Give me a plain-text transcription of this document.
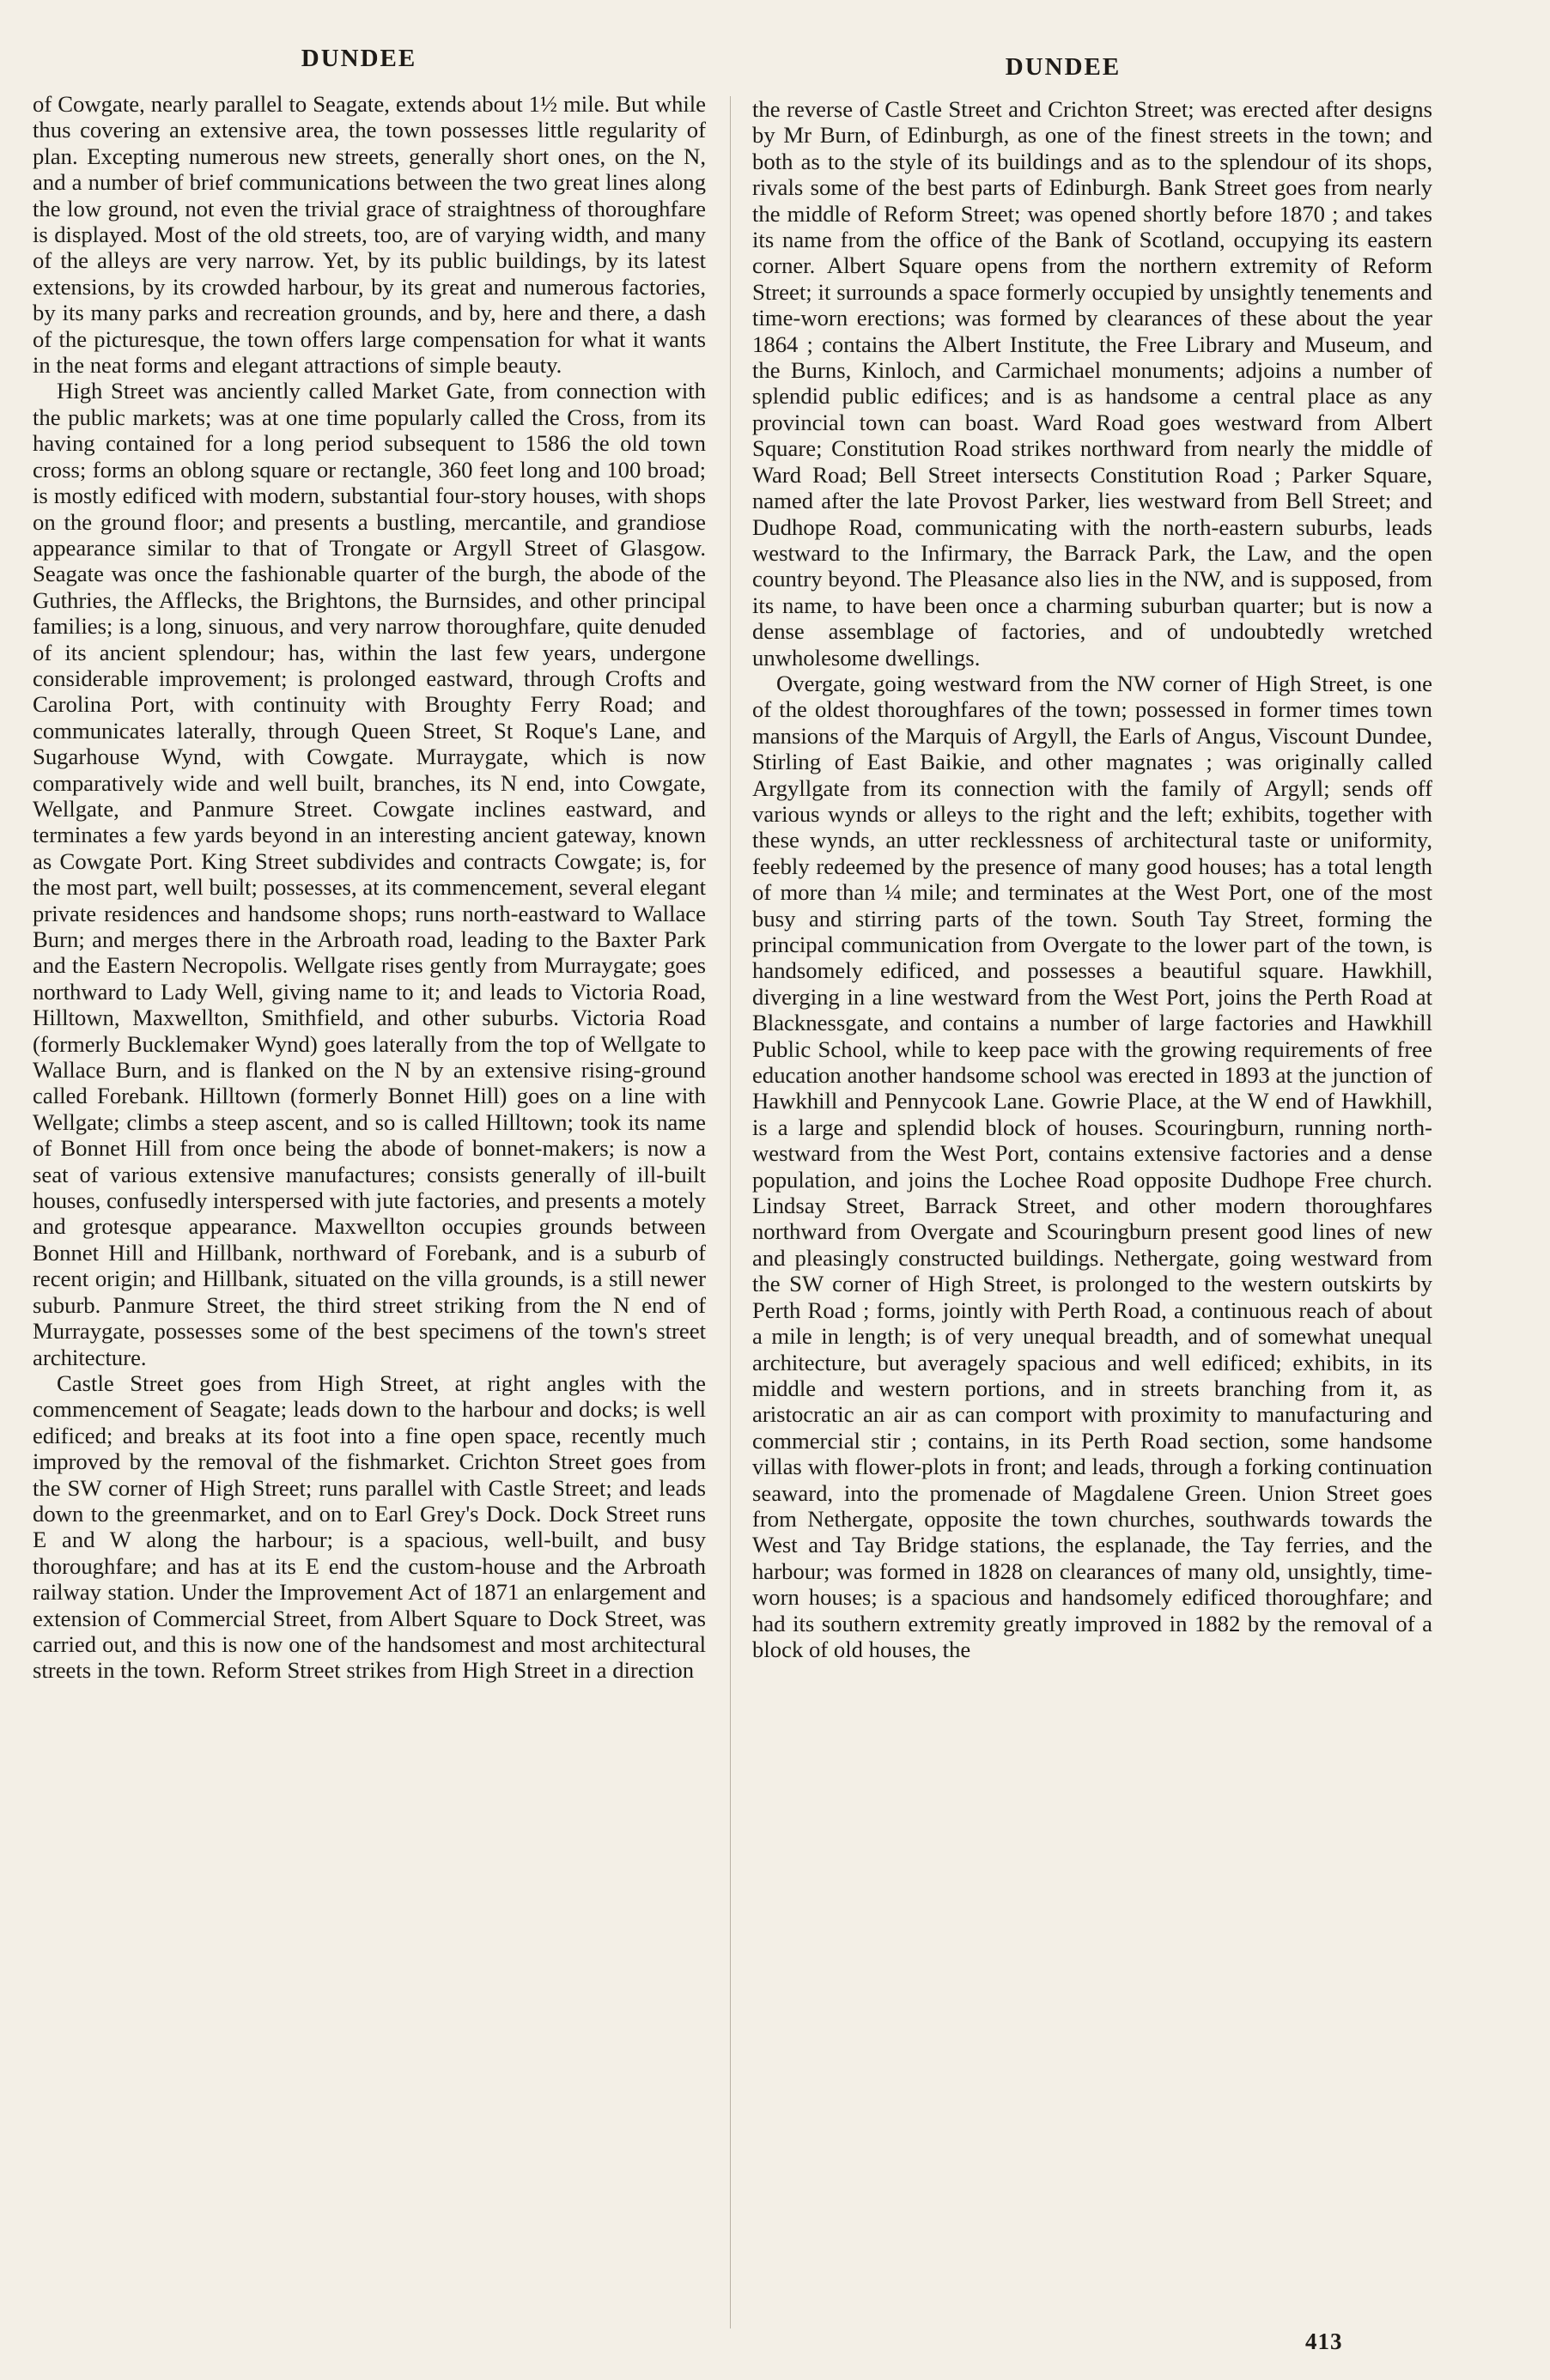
DUNDEE	DUNDEE

of Cowgate, nearly parallel to Seagate, extends about 1½ mile. But while thus covering an extensive area, the town possesses little regularity of plan. Excepting numerous new streets, generally short ones, on the N, and a number of brief communications between the two great lines along the low ground, not even the trivial grace of straightness of thoroughfare is displayed. Most of the old streets, too, are of varying width, and many of the alleys are very narrow. Yet, by its public buildings, by its latest extensions, by its crowded harbour, by its great and numerous factories, by its many parks and recreation grounds, and by, here and there, a dash of the picturesque, the town offers large compensation for what it wants in the neat forms and elegant attractions of simple beauty.

High Street was anciently called Market Gate, from connection with the public markets; was at one time popularly called the Cross, from its having contained for a long period subsequent to 1586 the old town cross; forms an oblong square or rectangle, 360 feet long and 100 broad; is mostly edificed with modern, substantial four-story houses, with shops on the ground floor; and presents a bustling, mercantile, and grandiose appearance similar to that of Trongate or Argyll Street of Glasgow. Seagate was once the fashionable quarter of the burgh, the abode of the Guthries, the Afflecks, the Brightons, the Burnsides, and other principal families; is a long, sinuous, and very narrow thoroughfare, quite denuded of its ancient splendour; has, within the last few years, undergone considerable improvement; is prolonged eastward, through Crofts and Carolina Port, with continuity with Broughty Ferry Road; and communicates laterally, through Queen Street, St Roque's Lane, and Sugarhouse Wynd, with Cowgate. Murraygate, which is now comparatively wide and well built, branches, its N end, into Cowgate, Wellgate, and Panmure Street. Cowgate inclines eastward, and terminates a few yards beyond in an interesting ancient gateway, known as Cowgate Port. King Street subdivides and contracts Cowgate; is, for the most part, well built; possesses, at its commencement, several elegant private residences and handsome shops; runs north-eastward to Wallace Burn; and merges there in the Arbroath road, leading to the Baxter Park and the Eastern Necropolis. Wellgate rises gently from Murraygate; goes northward to Lady Well, giving name to it; and leads to Victoria Road, Hilltown, Maxwellton, Smithfield, and other suburbs. Victoria Road (formerly Bucklemaker Wynd) goes laterally from the top of Wellgate to Wallace Burn, and is flanked on the N by an extensive rising-ground called Forebank. Hilltown (formerly Bonnet Hill) goes on a line with Wellgate; climbs a steep ascent, and so is called Hilltown; took its name of Bonnet Hill from once being the abode of bonnet-makers; is now a seat of various extensive manufactures; consists generally of ill-built houses, confusedly interspersed with jute factories, and presents a motely and grotesque appearance. Maxwellton occupies grounds between Bonnet Hill and Hillbank, northward of Forebank, and is a suburb of recent origin; and Hillbank, situated on the villa grounds, is a still newer suburb. Panmure Street, the third street striking from the N end of Murraygate, possesses some of the best specimens of the town's street architecture.

Castle Street goes from High Street, at right angles with the commencement of Seagate; leads down to the harbour and docks; is well edificed; and breaks at its foot into a fine open space, recently much improved by the removal of the fishmarket. Crichton Street goes from the SW corner of High Street; runs parallel with Castle Street; and leads down to the greenmarket, and on to Earl Grey's Dock. Dock Street runs E and W along the harbour; is a spacious, well-built, and busy thoroughfare; and has at its E end the custom-house and the Arbroath railway station. Under the Improvement Act of 1871 an enlargement and extension of Commercial Street, from Albert Square to Dock Street, was carried out, and this is now one of the handsomest and most architectural streets in the town. Reform Street strikes from High Street in a direction

the reverse of Castle Street and Crichton Street; was erected after designs by Mr Burn, of Edinburgh, as one of the finest streets in the town; and both as to the style of its buildings and as to the splendour of its shops, rivals some of the best parts of Edinburgh. Bank Street goes from nearly the middle of Reform Street; was opened shortly before 1870 ; and takes its name from the office of the Bank of Scotland, occupying its eastern corner. Albert Square opens from the northern extremity of Reform Street; it surrounds a space formerly occupied by unsightly tenements and time-worn erections; was formed by clearances of these about the year 1864 ; contains the Albert Institute, the Free Library and Museum, and the Burns, Kinloch, and Carmichael monuments; adjoins a number of splendid public edifices; and is as handsome a central place as any provincial town can boast. Ward Road goes westward from Albert Square; Constitution Road strikes northward from nearly the middle of Ward Road; Bell Street intersects Constitution Road ; Parker Square, named after the late Provost Parker, lies westward from Bell Street; and Dudhope Road, communicating with the north-eastern suburbs, leads westward to the Infirmary, the Barrack Park, the Law, and the open country beyond. The Pleasance also lies in the NW, and is supposed, from its name, to have been once a charming suburban quarter; but is now a dense assemblage of factories, and of undoubtedly wretched unwholesome dwellings.

Overgate, going westward from the NW corner of High Street, is one of the oldest thoroughfares of the town; possessed in former times town mansions of the Marquis of Argyll, the Earls of Angus, Viscount Dundee, Stirling of East Baikie, and other magnates ; was originally called Argyllgate from its connection with the family of Argyll; sends off various wynds or alleys to the right and the left; exhibits, together with these wynds, an utter recklessness of architectural taste or uniformity, feebly redeemed by the presence of many good houses; has a total length of more than ¼ mile; and terminates at the West Port, one of the most busy and stirring parts of the town. South Tay Street, forming the principal communication from Overgate to the lower part of the town, is handsomely edificed, and possesses a beautiful square. Hawkhill, diverging in a line westward from the West Port, joins the Perth Road at Blacknessgate, and contains a number of large factories and Hawkhill Public School, while to keep pace with the growing requirements of free education another handsome school was erected in 1893 at the junction of Hawkhill and Pennycook Lane. Gowrie Place, at the W end of Hawkhill, is a large and splendid block of houses. Scouringburn, running north-westward from the West Port, contains extensive factories and a dense population, and joins the Lochee Road opposite Dudhope Free church. Lindsay Street, Barrack Street, and other modern thoroughfares northward from Overgate and Scouringburn present good lines of new and pleasingly constructed buildings. Nethergate, going westward from the SW corner of High Street, is prolonged to the western outskirts by Perth Road ; forms, jointly with Perth Road, a continuous reach of about a mile in length; is of very unequal breadth, and of somewhat unequal architecture, but averagely spacious and well edificed; exhibits, in its middle and western portions, and in streets branching from it, as aristocratic an air as can comport with proximity to manufacturing and commercial stir ; contains, in its Perth Road section, some handsome villas with flower-plots in front; and leads, through a forking continuation seaward, into the promenade of Magdalene Green. Union Street goes from Nethergate, opposite the town churches, southwards towards the West and Tay Bridge stations, the esplanade, the Tay ferries, and the harbour; was formed in 1828 on clearances of many old, unsightly, time-worn houses; is a spacious and handsomely edificed thoroughfare; and had its southern extremity greatly improved in 1882 by the removal of a block of old houses, the

413
